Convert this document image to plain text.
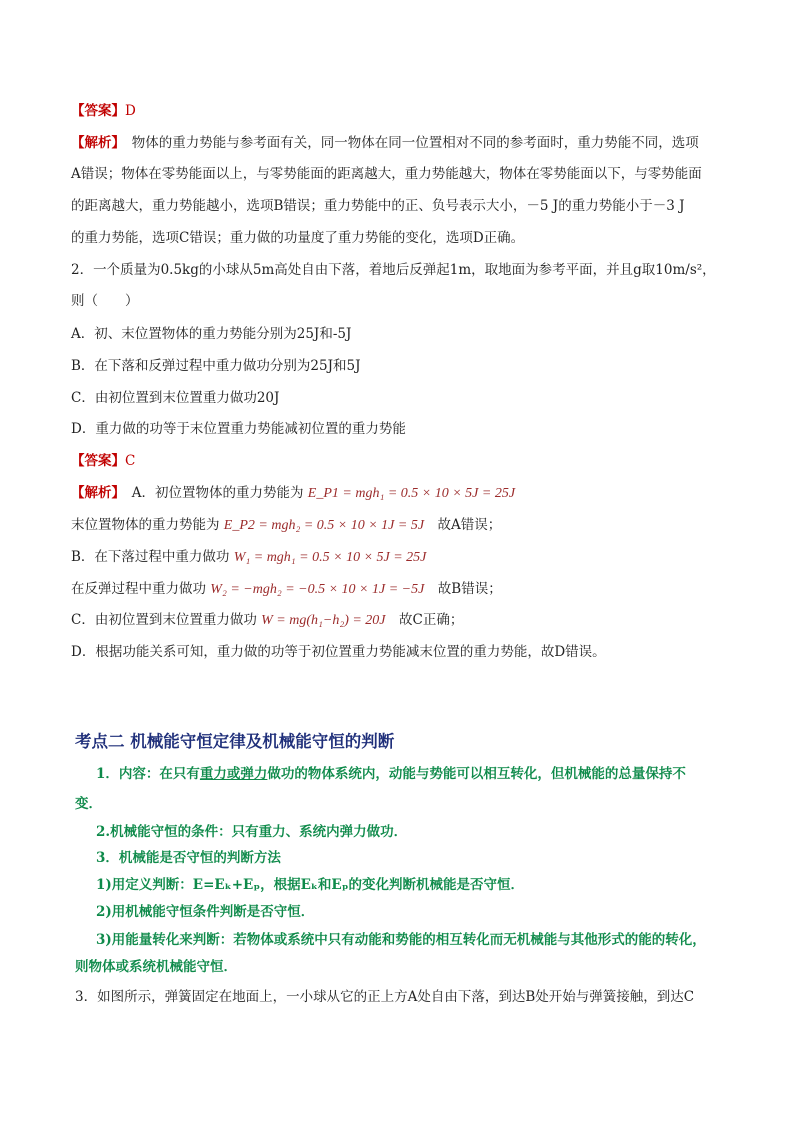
【答案】D
【解析】　 物体的重力势能与参考面有关，同一物体在同一位置相对不同的参考面时，重力势能不同，选项
A错误；物体在零势能面以上，与零势能面的距离越大，重力势能越大，物体在零势能面以下，与零势能面
的距离越大，重力势能越小，选项B错误；重力势能中的正、负号表示大小，－5 J的重力势能小于－3 J
的重力势能，选项C错误；重力做的功量度了重力势能的变化，选项D正确。
2．一个质量为0.5kg的小球从5m高处自由下落，着地后反弹起1m，取地面为参考平面，并且g取10m/s²，
则（　　）
A．初、末位置物体的重力势能分别为25J和-5J
B．在下落和反弹过程中重力做功分别为25J和5J
C．由初位置到末位置重力做功20J
D．重力做的功等于末位置重力势能减初位置的重力势能
【答案】C
【解析】　 A．初位置物体的重力势能为 E_P1 = mgh₁ = 0.5 × 10 × 5J = 25J
末位置物体的重力势能为 E_P2 = mgh₂ = 0.5 × 10 × 1J = 5J　故A错误；
B．在下落过程中重力做功 W₁ = mgh₁ = 0.5 × 10 × 5J = 25J
在反弹过程中重力做功 W₂ = −mgh₂ = −0.5 × 10 × 1J = −5J　故B错误；
C．由初位置到末位置重力做功 W = mg(h₁−h₂) = 20J　故C正确；
D．根据功能关系可知，重力做的功等于初位置重力势能减末位置的重力势能，故D错误。
考点二 机械能守恒定律及机械能守恒的判断
1．内容：在只有重力或弹力做功的物体系统内，动能与势能可以相互转化，但机械能的总量保持不
变．
2.机械能守恒的条件：只有重力、系统内弹力做功．
3．机械能是否守恒的判断方法
1)用定义判断：E=Eₖ+Eₚ，根据Eₖ和Eₚ的变化判断机械能是否守恒．
2)用机械能守恒条件判断是否守恒．
3)用能量转化来判断：若物体或系统中只有动能和势能的相互转化而无机械能与其他形式的能的转化，
则物体或系统机械能守恒．
3．如图所示，弹簧固定在地面上，一小球从它的正上方A处自由下落，到达B处开始与弹簧接触，到达C
